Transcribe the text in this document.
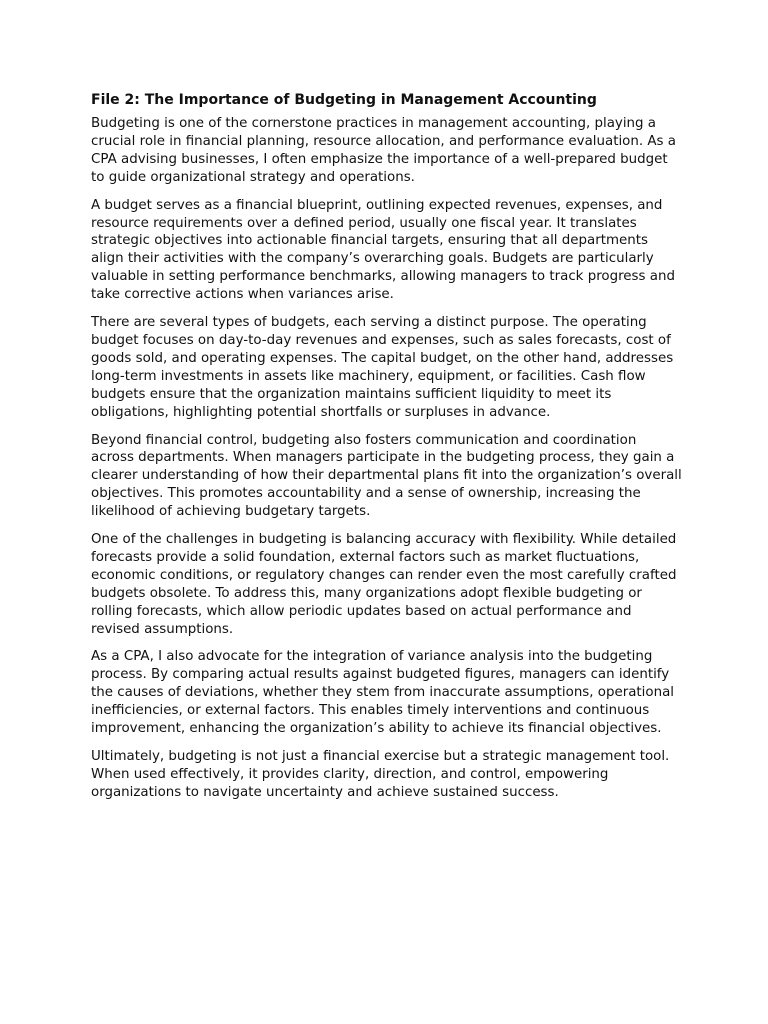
File 2: The Importance of Budgeting in Management Accounting

Budgeting is one of the cornerstone practices in management accounting, playing a crucial role in financial planning, resource allocation, and performance evaluation. As a CPA advising businesses, I often emphasize the importance of a well-prepared budget to guide organizational strategy and operations.

A budget serves as a financial blueprint, outlining expected revenues, expenses, and resource requirements over a defined period, usually one fiscal year. It translates strategic objectives into actionable financial targets, ensuring that all departments align their activities with the company’s overarching goals. Budgets are particularly valuable in setting performance benchmarks, allowing managers to track progress and take corrective actions when variances arise.

There are several types of budgets, each serving a distinct purpose. The operating budget focuses on day-to-day revenues and expenses, such as sales forecasts, cost of goods sold, and operating expenses. The capital budget, on the other hand, addresses long-term investments in assets like machinery, equipment, or facilities. Cash flow budgets ensure that the organization maintains sufficient liquidity to meet its obligations, highlighting potential shortfalls or surpluses in advance.

Beyond financial control, budgeting also fosters communication and coordination across departments. When managers participate in the budgeting process, they gain a clearer understanding of how their departmental plans fit into the organization’s overall objectives. This promotes accountability and a sense of ownership, increasing the likelihood of achieving budgetary targets.

One of the challenges in budgeting is balancing accuracy with flexibility. While detailed forecasts provide a solid foundation, external factors such as market fluctuations, economic conditions, or regulatory changes can render even the most carefully crafted budgets obsolete. To address this, many organizations adopt flexible budgeting or rolling forecasts, which allow periodic updates based on actual performance and revised assumptions.

As a CPA, I also advocate for the integration of variance analysis into the budgeting process. By comparing actual results against budgeted figures, managers can identify the causes of deviations, whether they stem from inaccurate assumptions, operational inefficiencies, or external factors. This enables timely interventions and continuous improvement, enhancing the organization’s ability to achieve its financial objectives.

Ultimately, budgeting is not just a financial exercise but a strategic management tool. When used effectively, it provides clarity, direction, and control, empowering organizations to navigate uncertainty and achieve sustained success.
